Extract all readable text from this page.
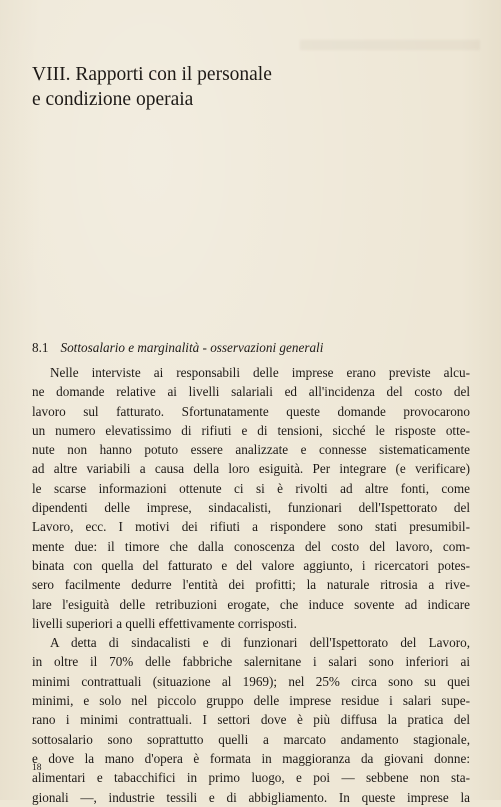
VIII. Rapporti con il personale
e condizione operaia
8.1 Sottosalario e marginalità - osservazioni generali
Nelle interviste ai responsabili delle imprese erano previste alcu-
ne domande relative ai livelli salariali ed all'incidenza del costo del
lavoro sul fatturato. Sfortunatamente queste domande provocarono
un numero elevatissimo di rifiuti e di tensioni, sicché le risposte otte-
nute non hanno potuto essere analizzate e connesse sistematicamente
ad altre variabili a causa della loro esiguità. Per integrare (e verificare)
le scarse informazioni ottenute ci si è rivolti ad altre fonti, come
dipendenti delle imprese, sindacalisti, funzionari dell'Ispettorato del
Lavoro, ecc. I motivi dei rifiuti a rispondere sono stati presumibil-
mente due: il timore che dalla conoscenza del costo del lavoro, com-
binata con quella del fatturato e del valore aggiunto, i ricercatori potes-
sero facilmente dedurre l'entità dei profitti; la naturale ritrosia a rive-
lare l'esiguità delle retribuzioni erogate, che induce sovente ad indicare
livelli superiori a quelli effettivamente corrisposti.
A detta di sindacalisti e di funzionari dell'Ispettorato del Lavoro,
in oltre il 70% delle fabbriche salernitane i salari sono inferiori ai
minimi contrattuali (situazione al 1969); nel 25% circa sono su quei
minimi, e solo nel piccolo gruppo delle imprese residue i salari supe-
rano i minimi contrattuali. I settori dove è più diffusa la pratica del
sottosalario sono soprattutto quelli a marcato andamento stagionale,
e dove la mano d'opera è formata in maggioranza da giovani donne:
alimentari e tabacchifici in primo luogo, e poi — sebbene non sta-
gionali —, industrie tessili e di abbigliamento. In queste imprese la
18
